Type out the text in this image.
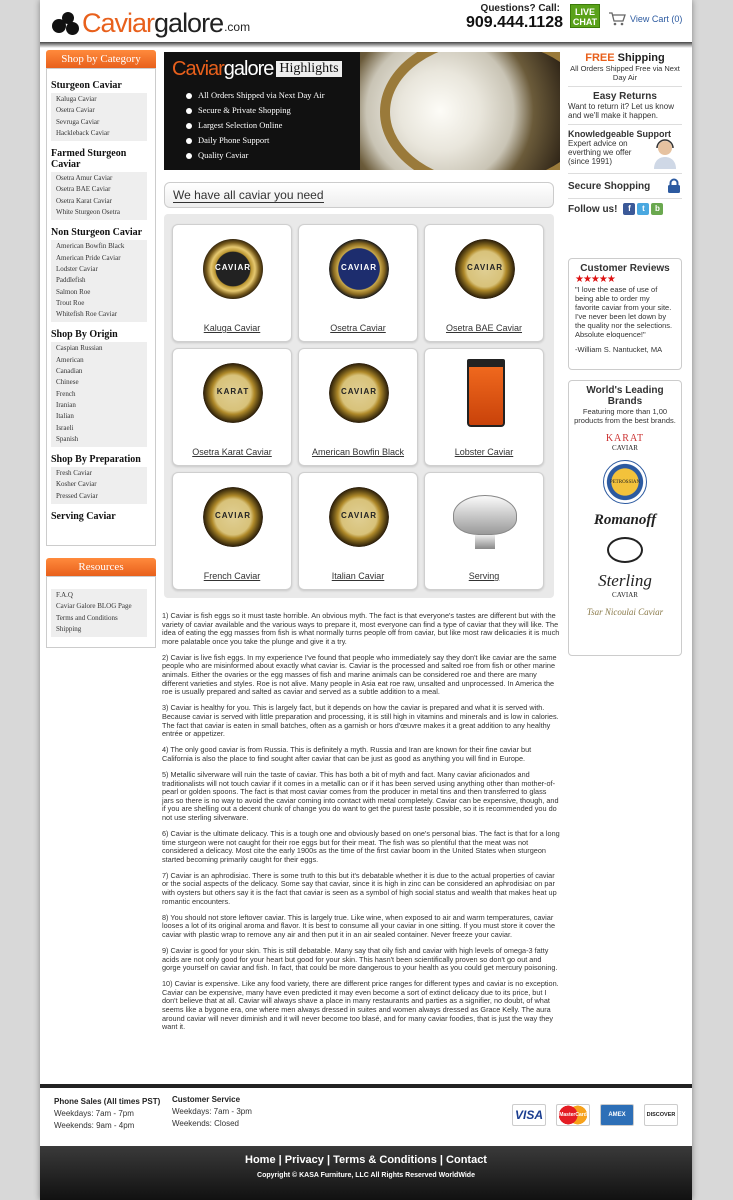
Caviar galore .com
Questions? Call:
909.444.1128
LIVE
CHAT	View Cart (0)
Shop by Category
Sturgeon Caviar
Kaluga Caviar
Osetra Caviar
Sevruga Caviar
Hackleback Caviar
Farmed Sturgeon Caviar
Osetra Amur Caviar
Osetra BAE Caviar
Osetra Karat Caviar
White Sturgeon Osetra
Non Sturgeon Caviar
American Bowfin Black
American Pride Caviar
Lodster Caviar
Paddlefish
Salmon Roe
Trout Roe
Whitefish Roe Caviar
Shop By Origin
Caspian Russian
American
Canadian
Chinese
French
Iranian
Italian
Israeli
Spanish
Shop By Preparation
Fresh Caviar
Kosher Caviar
Pressed Caviar
Serving Caviar
Resources
F.A.Q
Caviar Galore BLOG Page
Terms and Conditions
Shipping
Caviar galore Highlights
All Orders Shipped via Next Day Air
Secure & Private Shopping
Largest Selection Online
Daily Phone Support
Quality Caviar
We have all caviar you need
CAVIAR
Kaluga Caviar
CAVIAR
Osetra Caviar
CAVIAR
Osetra BAE Caviar
KARAT
Osetra Karat Caviar
CAVIAR
American Bowfin Black	Lobster Caviar
CAVIAR
French Caviar
CAVIAR
Italian Caviar	Serving
FREE Shipping
All Orders Shipped Free via Next Day Air
Easy Returns
Want to return it? Let us know and we'll make it happen.
Knowledgeable Support
Expert advice on everthing we offer (since 1991)
Secure Shopping
Follow us!	f	t	b
Customer Reviews
★★★★★
"I love the ease of use of being able to order my favorite caviar from your site. I've never been let down by the quality nor the selections. Absolute eloquence!"
-William S. Nantucket, MA
World's Leading Brands
Featuring more than 1,00 products from the best brands.
KARAT
CAVIAR
PETROSSIAN
Romanoff
Sterling
CAVIAR
Tsar Nicoulai Caviar

1) Caviar is fish eggs so it must taste horrible. An obvious myth. The fact is that everyone's tastes are different but with the variety of caviar available and the various ways to prepare it, most everyone can find a type of caviar that they will like. The idea of eating the egg masses from fish is what normally turns people off from caviar, but like most raw delicacies it is much more palatable once you take the plunge and give it a try.

2) Caviar is live fish eggs. In my experience I've found that people who immediately say they don't like caviar are the same people who are misinformed about exactly what caviar is. Caviar is the processed and salted roe from fish or other marine animals. Either the ovaries or the egg masses of fish and marine animals can be considered roe and there are many different varieties and styles. Roe is not alive. Many people in Asia eat roe raw, unsalted and unprocessed. In America the roe is usually prepared and salted as caviar and served as a subtle addition to a meal.

3) Caviar is healthy for you. This is largely fact, but it depends on how the caviar is prepared and what it is served with. Because caviar is served with little preparation and processing, it is still high in vitamins and minerals and is low in calories. The fact that caviar is eaten in small batches, often as a garnish or hors d'œuvre makes it a great addition to any healthy entrée or appetizer.

4) The only good caviar is from Russia. This is definitely a myth. Russia and Iran are known for their fine caviar but California is also the place to find sought after caviar that can be just as good as anything you will find in Europe.

5) Metallic silverware will ruin the taste of caviar. This has both a bit of myth and fact. Many caviar aficionados and traditionalists will not touch caviar if it comes in a metallic can or if it has been served using anything other than mother-of-pearl or golden spoons. The fact is that most caviar comes from the producer in metal tins and then transferred to glass jars so there is no way to avoid the caviar coming into contact with metal completely. Caviar can be expensive, though, and if you are shelling out a decent chunk of change you do want to get the purest taste possible, so it is recommended you do not use sterling silverware.

6) Caviar is the ultimate delicacy. This is a tough one and obviously based on one's personal bias. The fact is that for a long time sturgeon were not caught for their roe eggs but for their meat. The fish was so plentiful that the meat was not considered a delicacy. Most cite the early 1900s as the time of the first caviar boom in the United States when sturgeon started becoming primarily caught for their eggs.

7) Caviar is an aphrodisiac. There is some truth to this but it's debatable whether it is due to the actual properties of caviar or the social aspects of the delicacy. Some say that caviar, since it is high in zinc can be considered an aphrodisiac on par with oysters but others say it is the fact that caviar is seen as a symbol of high social status and wealth that makes heat up romantic encounters.

8) You should not store leftover caviar. This is largely true. Like wine, when exposed to air and warm temperatures, caviar looses a lot of its original aroma and flavor. It is best to consume all your caviar in one sitting. If you must store it cover the caviar with plastic wrap to remove any air and then put it in an air sealed container. Never freeze your caviar.

9) Caviar is good for your skin. This is still debatable. Many say that oily fish and caviar with high levels of omega-3 fatty acids are not only good for your heart but good for your skin. This hasn't been scientifically proven so don't go out and gorge yourself on caviar and fish. In fact, that could be more dangerous to your health as you could get mercury poisoning.

10) Caviar is expensive. Like any food variety, there are different price ranges for different types and caviar is no exception. Caviar can be expensive, many have even predicted it may even become a sort of extinct delicacy due to its price, but I don't believe that at all. Caviar will always shave a place in many restaurants and parties as a signifier, no doubt, of what seems like a bygone era, one where men always dressed in suites and women always dressed as Grace Kelly. The aura around caviar will never diminish and it will never become too blasé, and for many caviar foodies, that is just the way they want it.

Phone Sales (All times PST)
Weekdays: 7am - 7pm
Weekends: 9am - 4pm
Customer Service
Weekdays: 7am - 3pm
Weekends: Closed
VISA	MasterCard	AMEX	DISCOVER
Home | Privacy | Terms & Conditions | Contact
Copyright © KASA Furniture, LLC All Rights Reserved WorldWide
